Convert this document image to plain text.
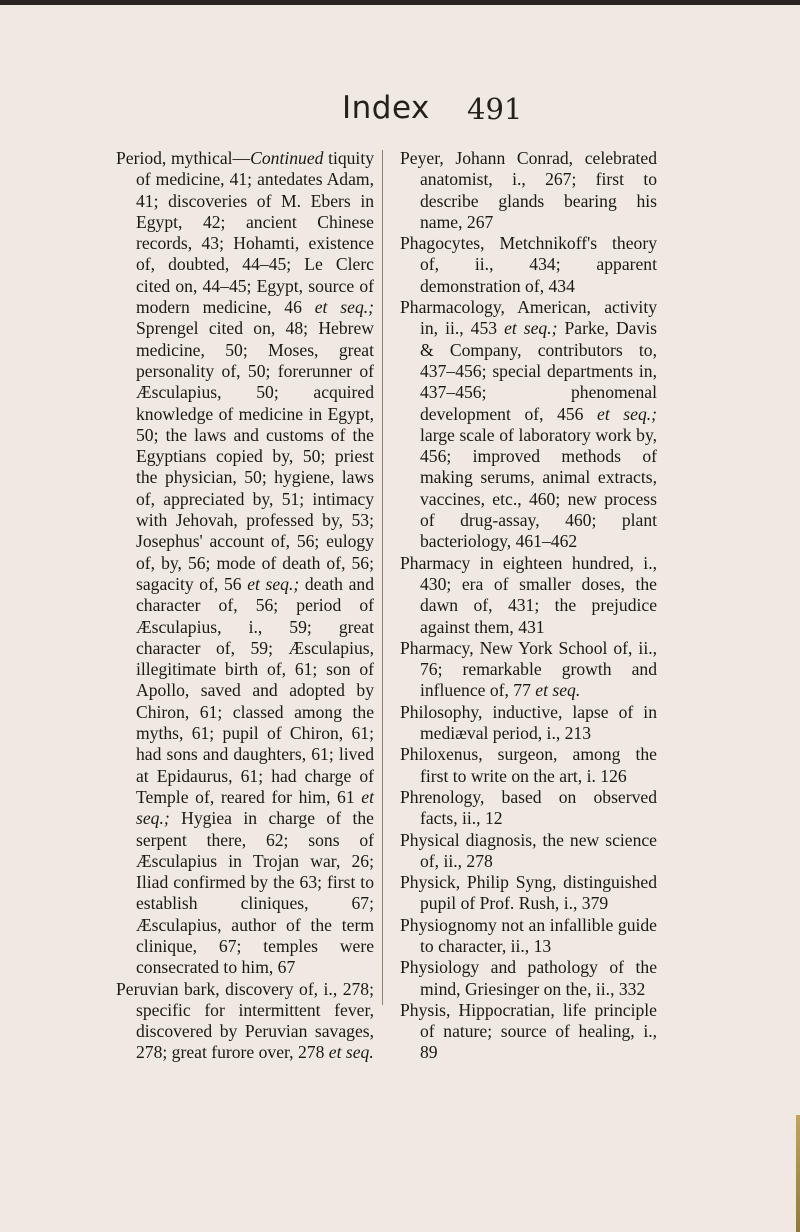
Index 491

Period, mythical—Continued tiquity of medicine, 41; antedates Adam, 41; discoveries of M. Ebers in Egypt, 42; ancient Chinese records, 43; Hohamti, existence of, doubted, 44–45; Le Clerc cited on, 44–45; Egypt, source of modern medicine, 46 et seq.; Sprengel cited on, 48; Hebrew medicine, 50; Moses, great personality of, 50; forerunner of Æsculapius, 50; acquired knowledge of medicine in Egypt, 50; the laws and customs of the Egyptians copied by, 50; priest the physician, 50; hygiene, laws of, appreciated by, 51; intimacy with Jehovah, professed by, 53; Josephus' account of, 56; eulogy of, by, 56; mode of death of, 56; sagacity of, 56 et seq.; death and character of, 56; period of Æsculapius, i., 59; great character of, 59; Æsculapius, illegitimate birth of, 61; son of Apollo, saved and adopted by Chiron, 61; classed among the myths, 61; pupil of Chiron, 61; had sons and daughters, 61; lived at Epidaurus, 61; had charge of Temple of, reared for him, 61 et seq.; Hygiea in charge of the serpent there, 62; sons of Æsculapius in Trojan war, 26; Iliad confirmed by the 63; first to establish cliniques, 67; Æsculapius, author of the term clinique, 67; temples were consecrated to him, 67

Peruvian bark, discovery of, i., 278; specific for intermittent fever, discovered by Peruvian savages, 278; great furore over, 278 et seq.

Peyer, Johann Conrad, celebrated anatomist, i., 267; first to describe glands bearing his name, 267

Phagocytes, Metchnikoff's theory of, ii., 434; apparent demonstration of, 434

Pharmacology, American, activity in, ii., 453 et seq.; Parke, Davis & Company, contributors to, 437–456; special departments in, 437–456; phenomenal development of, 456 et seq.; large scale of laboratory work by, 456; improved methods of making serums, animal extracts, vaccines, etc., 460; new process of drug-assay, 460; plant bacteriology, 461–462

Pharmacy in eighteen hundred, i., 430; era of smaller doses, the dawn of, 431; the prejudice against them, 431

Pharmacy, New York School of, ii., 76; remarkable growth and influence of, 77 et seq.

Philosophy, inductive, lapse of in mediæval period, i., 213

Philoxenus, surgeon, among the first to write on the art, i. 126

Phrenology, based on observed facts, ii., 12

Physical diagnosis, the new science of, ii., 278

Physick, Philip Syng, distinguished pupil of Prof. Rush, i., 379

Physiognomy not an infallible guide to character, ii., 13

Physiology and pathology of the mind, Griesinger on the, ii., 332

Physis, Hippocratian, life principle of nature; source of healing, i., 89
